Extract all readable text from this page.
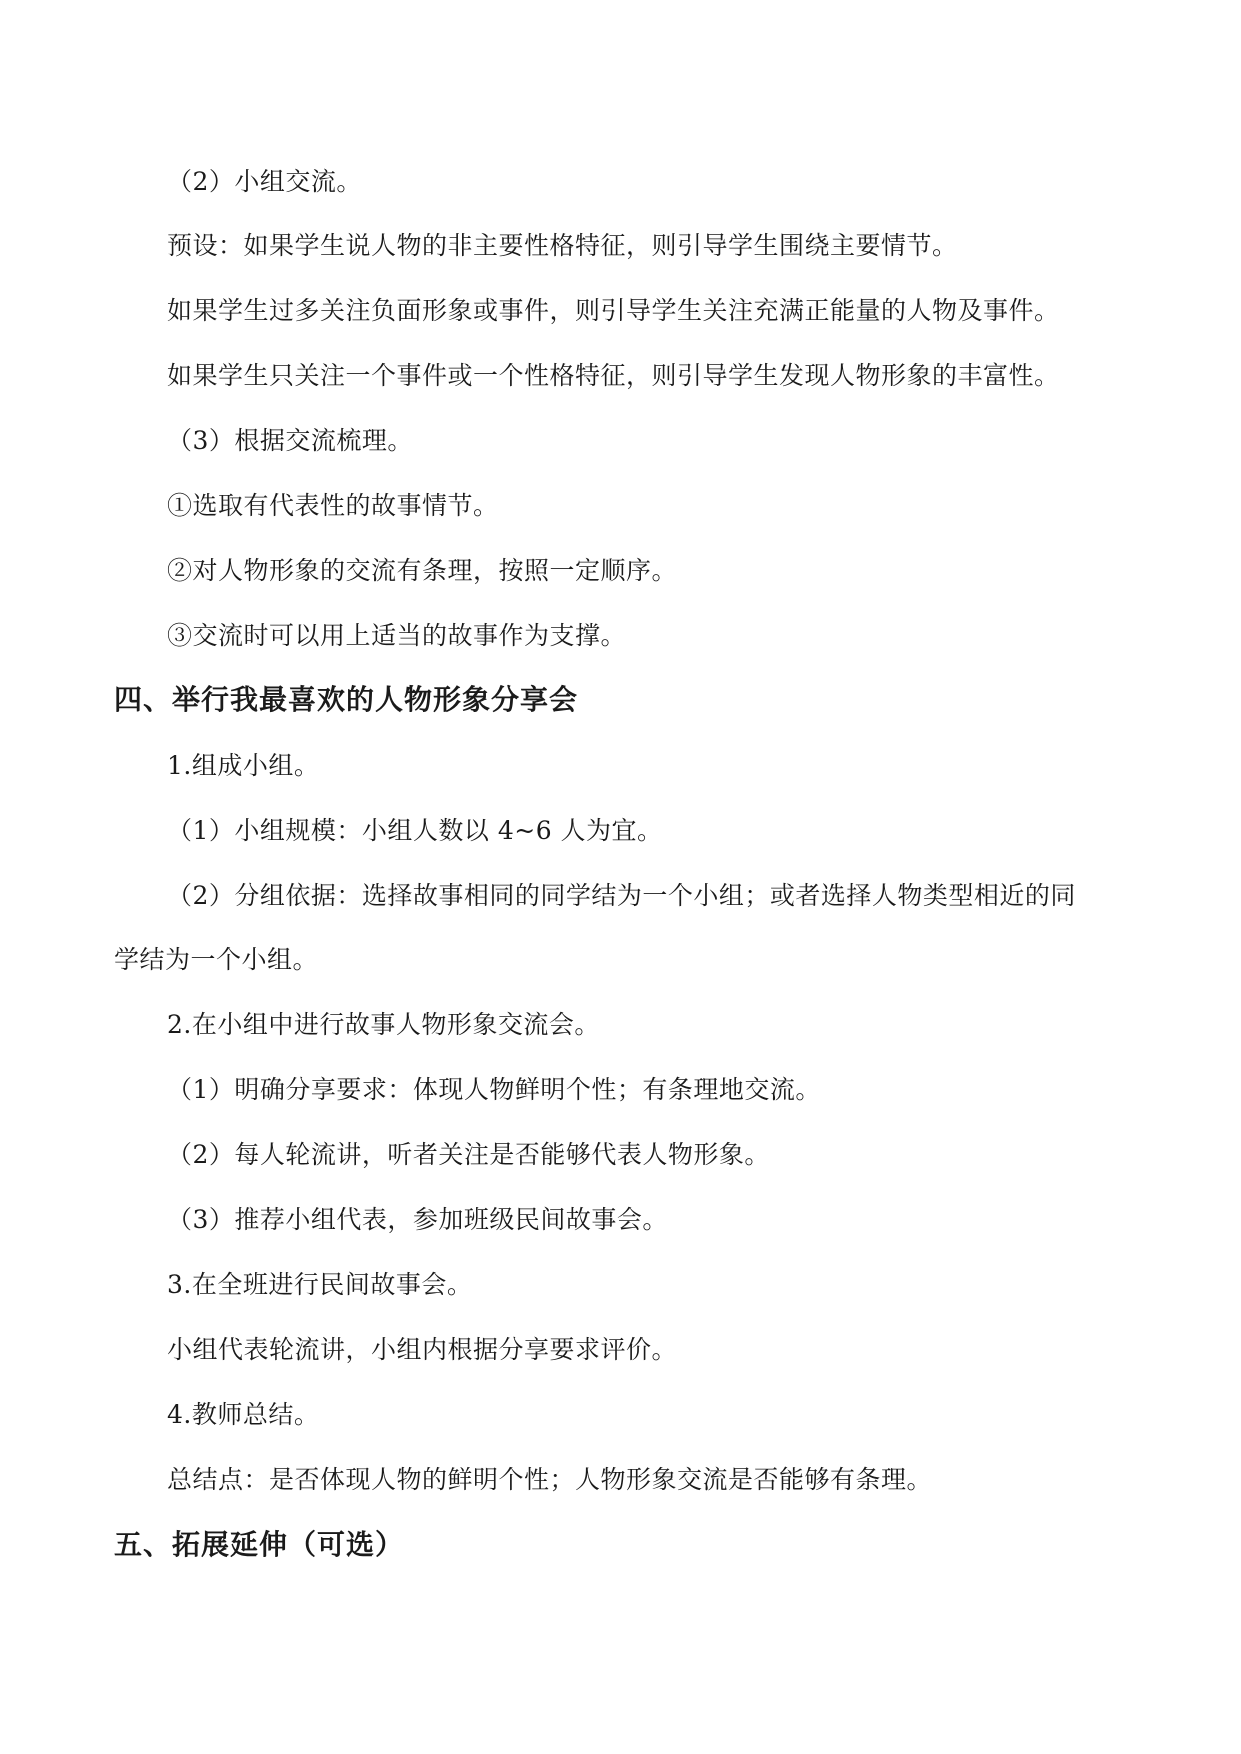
（2）小组交流。
预设：如果学生说人物的非主要性格特征，则引导学生围绕主要情节。
如果学生过多关注负面形象或事件，则引导学生关注充满正能量的人物及事件。
如果学生只关注一个事件或一个性格特征，则引导学生发现人物形象的丰富性。
（3）根据交流梳理。
①选取有代表性的故事情节。
②对人物形象的交流有条理，按照一定顺序。
③交流时可以用上适当的故事作为支撑。
四、举行我最喜欢的人物形象分享会
1.组成小组。
（1）小组规模：小组人数以 4~6 人为宜。
（2）分组依据：选择故事相同的同学结为一个小组；或者选择人物类型相近的同
学结为一个小组。
2.在小组中进行故事人物形象交流会。
（1）明确分享要求：体现人物鲜明个性；有条理地交流。
（2）每人轮流讲，听者关注是否能够代表人物形象。
（3）推荐小组代表，参加班级民间故事会。
3.在全班进行民间故事会。
小组代表轮流讲，小组内根据分享要求评价。
4.教师总结。
总结点：是否体现人物的鲜明个性；人物形象交流是否能够有条理。
五、拓展延伸（可选）
